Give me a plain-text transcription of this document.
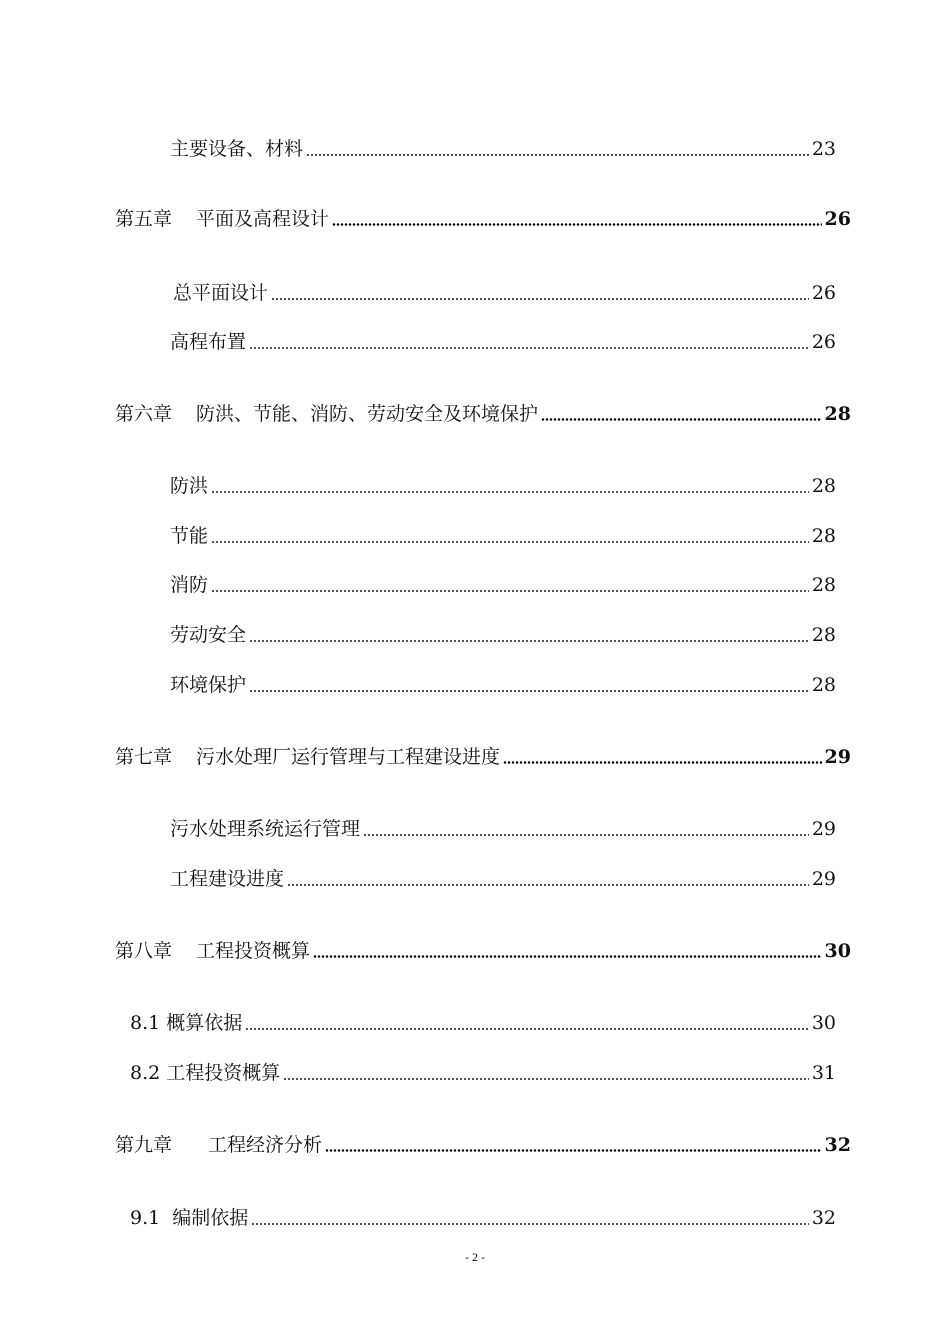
主要设备、材料	23
第五章 平面及高程设计	26
总平面设计	26
高程布置	26
第六章 防洪、节能、消防、劳动安全及环境保护	28
防洪	28
节能	28
消防	28
劳动安全	28
环境保护	28
第七章 污水处理厂运行管理与工程建设进度	29
污水处理系统运行管理	29
工程建设进度	29
第八章 工程投资概算	30
8.1 概算依据	30
8.2 工程投资概算	31
第九章 工程经济分析	32
9.1  编制依据	32
- 2 -
